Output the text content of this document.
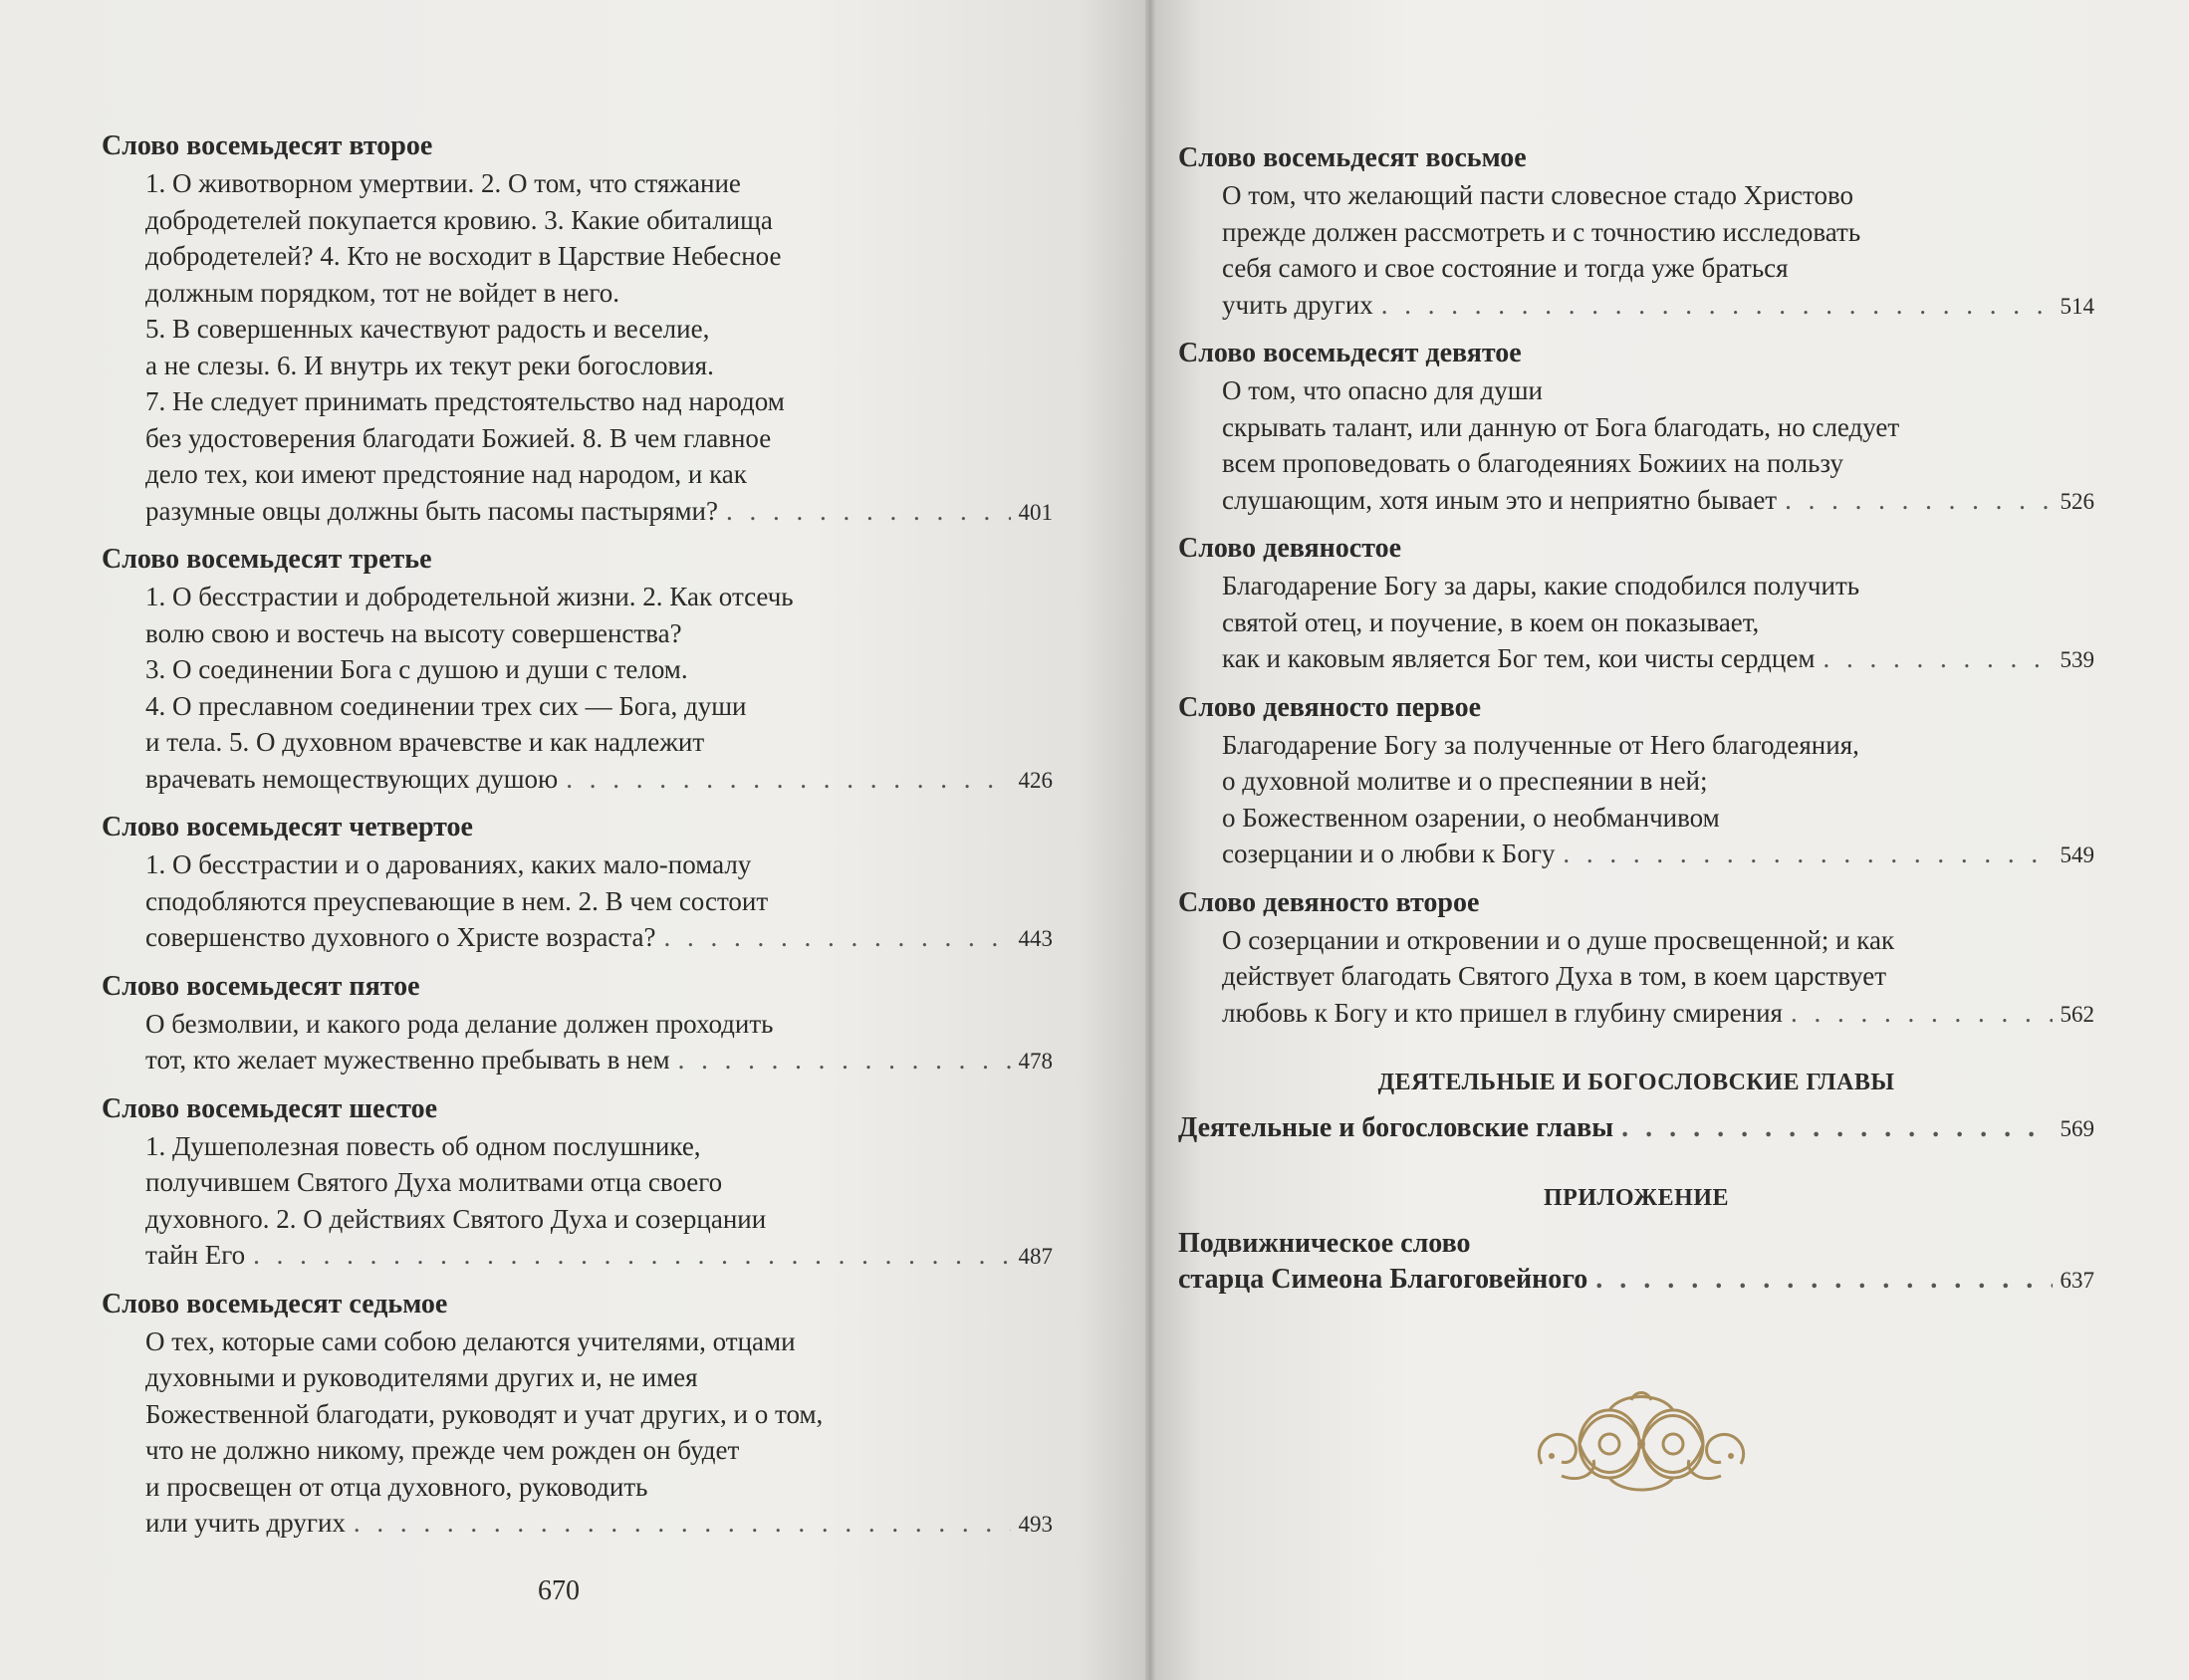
Слово восемьдесят второе
1. О животворном умертвии. 2. О том, что стяжание
добродетелей покупается кровию. 3. Какие обиталища
добродетелей? 4. Кто не восходит в Царствие Небесное
должным порядком, тот не войдет в него.
5. В совершенных качествуют радость и веселие,
а не слезы. 6. И внутрь их текут реки богословия.
7. Не следует принимать предстоятельство над народом
без удостоверения благодати Божией. 8. В чем главное
дело тех, кои имеют предстояние над народом, и как
разумные овцы должны быть пасомы пастырями? . . .	401
Слово восемьдесят третье
1. О бесстрастии и добродетельной жизни. 2. Как отсечь
волю свою и востечь на высоту совершенства?
3. О соединении Бога с душою и души с телом.
4. О преславном соединении трех сих — Бога, души
и тела. 5. О духовном врачевстве и как надлежит
врачевать немоществующих душою . . .	426
Слово восемьдесят четвертое
1. О бесстрастии и о дарованиях, каких мало-помалу
сподобляются преуспевающие в нем. 2. В чем состоит
совершенство духовного о Христе возраста? . . .	443
Слово восемьдесят пятое
О безмолвии, и какого рода делание должен проходить
тот, кто желает мужественно пребывать в нем . . .	478
Слово восемьдесят шестое
1. Душеполезная повесть об одном послушнике,
получившем Святого Духа молитвами отца своего
духовного. 2. О действиях Святого Духа и созерцании
тайн Его . . .	487
Слово восемьдесят седьмое
О тех, которые сами собою делаются учителями, отцами
духовными и руководителями других и, не имея
Божественной благодати, руководят и учат других, и о том,
что не должно никому, прежде чем рожден он будет
и просвещен от отца духовного, руководить
или учить других . . .	493
Слово восемьдесят восьмое
О том, что желающий пасти словесное стадо Христово
прежде должен рассмотреть и с точностию исследовать
себя самого и свое состояние и тогда уже браться
учить других . . .	514
Слово восемьдесят девятое
О том, что опасно для души
скрывать талант, или данную от Бога благодать, но следует
всем проповедовать о благодеяниях Божиих на пользу
слушающим, хотя иным это и неприятно бывает . . .	526
Слово девяностое
Благодарение Богу за дары, какие сподобился получить
святой отец, и поучение, в коем он показывает,
как и каковым является Бог тем, кои чисты сердцем . . .	539
Слово девяносто первое
Благодарение Богу за полученные от Него благодеяния,
о духовной молитве и о преспеянии в ней;
о Божественном озарении, о необманчивом
созерцании и о любви к Богу . . .	549
Слово девяносто второе
О созерцании и откровении и о душе просвещенной; и как
действует благодать Святого Духа в том, в коем царствует
любовь к Богу и кто пришел в глубину смирения . . .	562
ДЕЯТЕЛЬНЫЕ И БОГОСЛОВСКИЕ ГЛАВЫ
Деятельные и богословские главы . . .	569
ПРИЛОЖЕНИЕ
Подвижническое слово
старца Симеона Благоговейного . . .	637
670
